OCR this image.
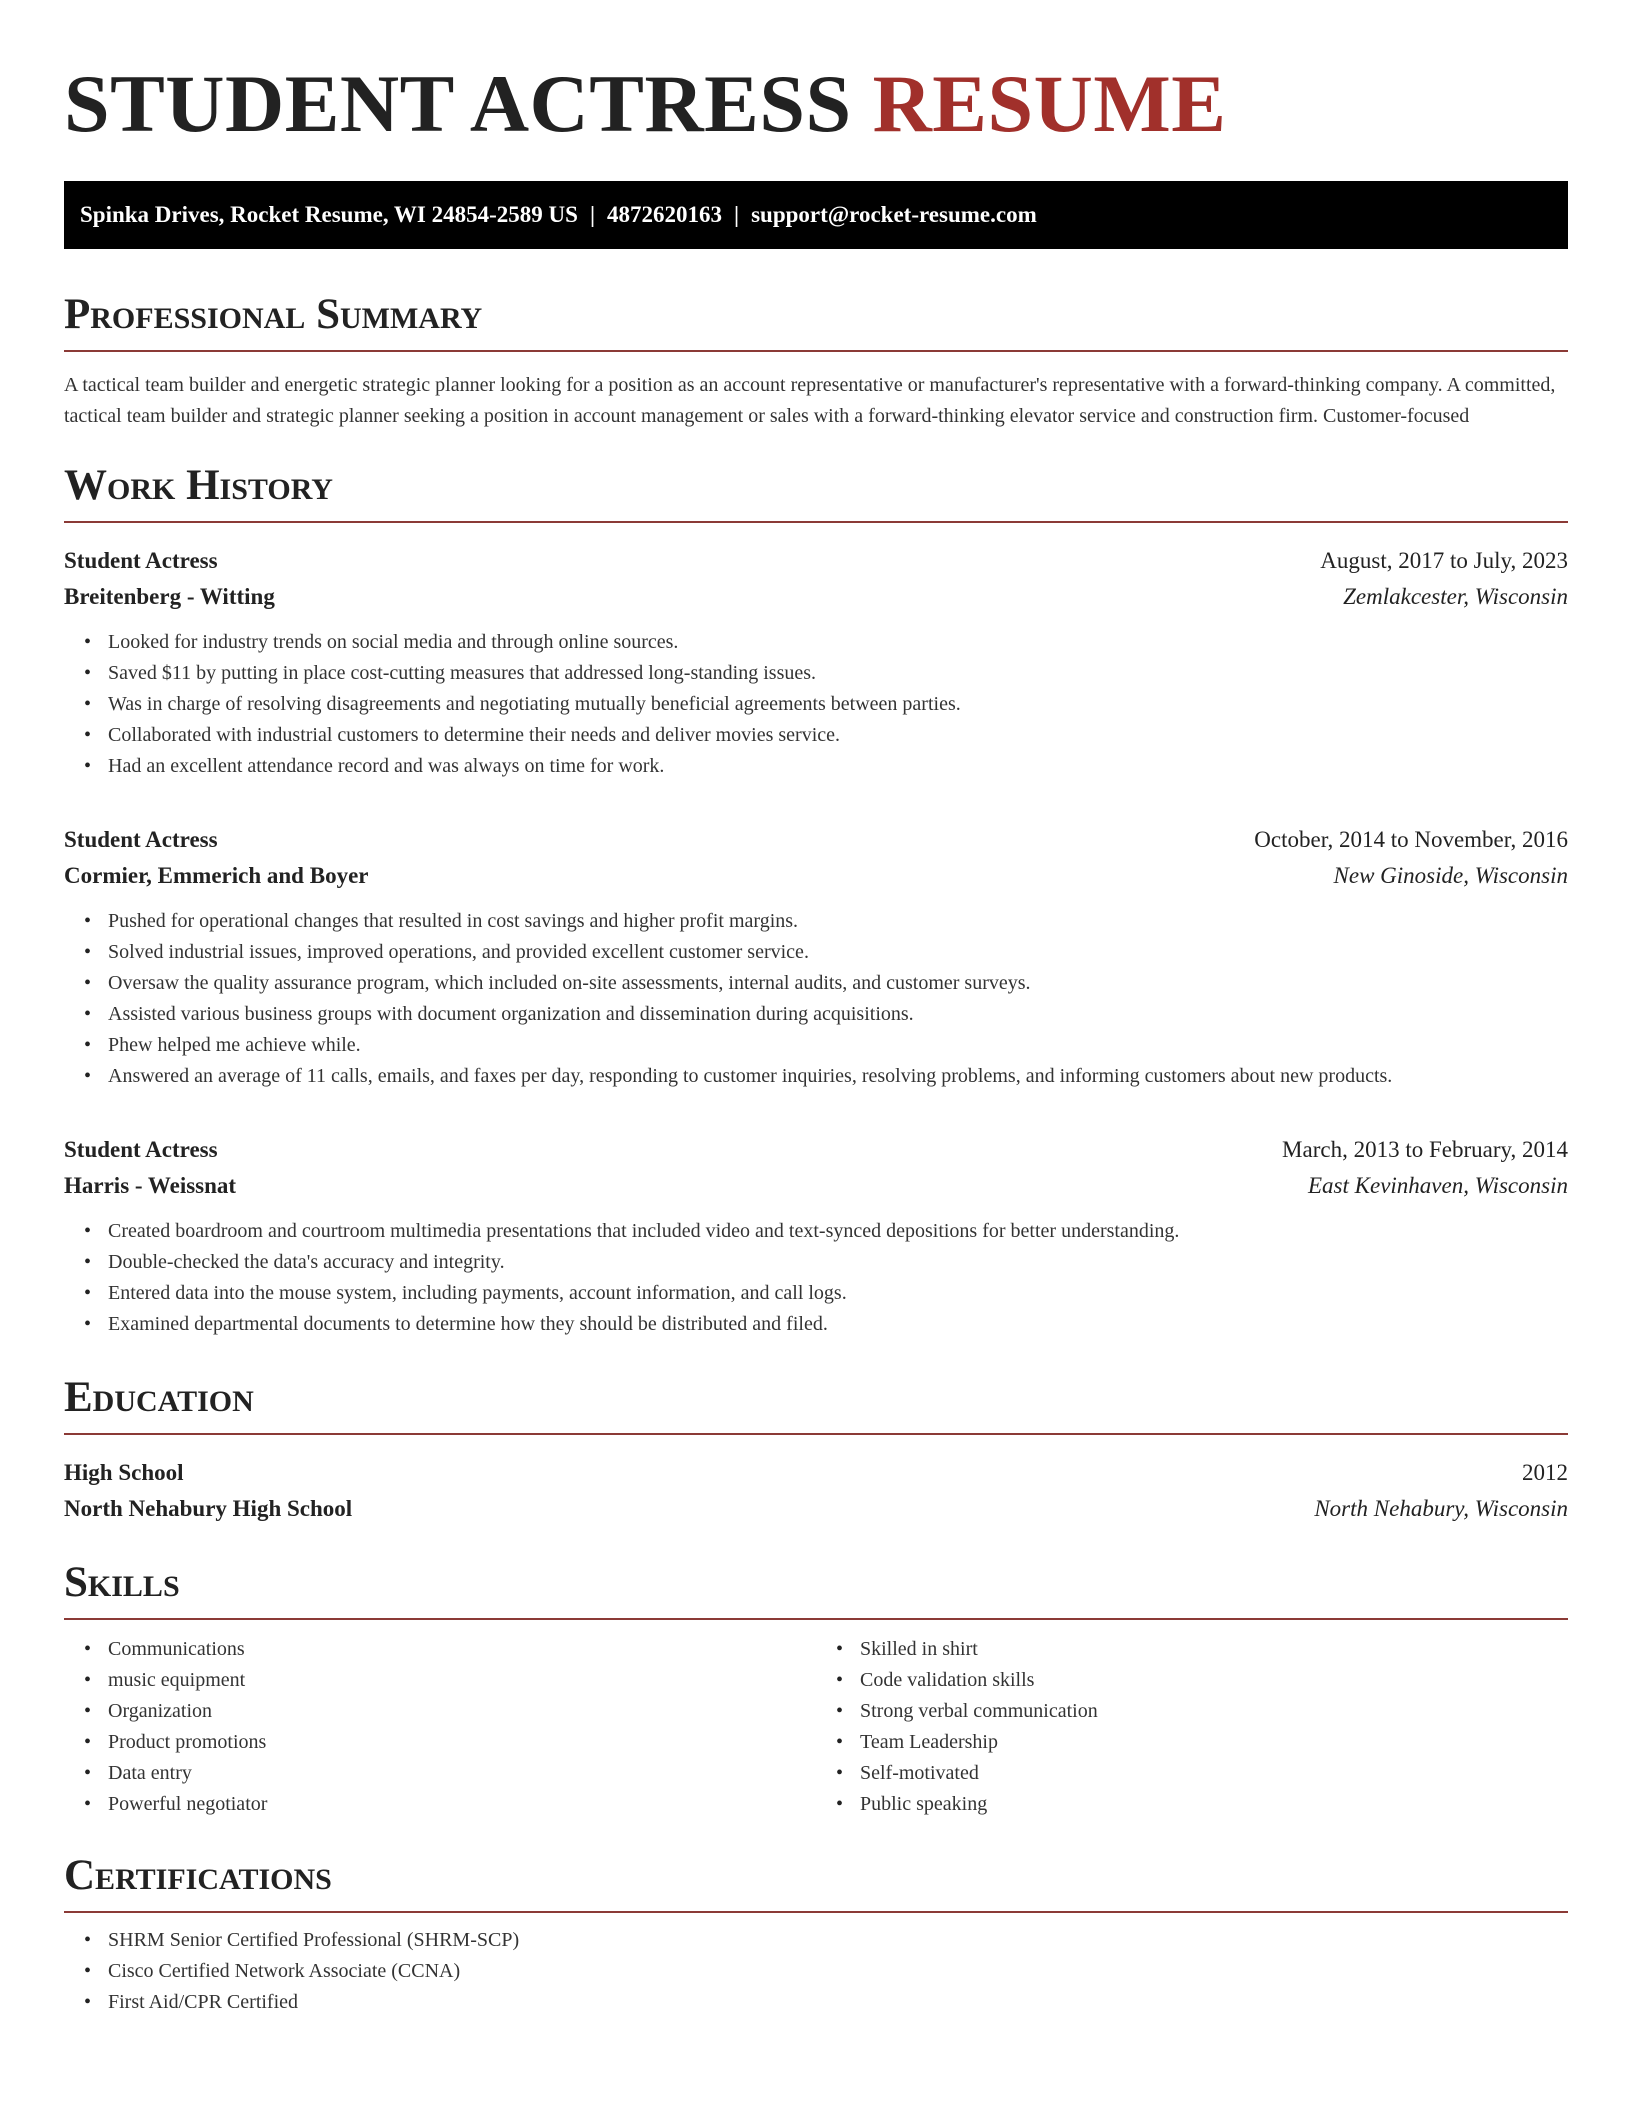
STUDENT ACTRESS RESUME
Spinka Drives, Rocket Resume, WI 24854-2589 US | 4872620163 | support@rocket-resume.com
Professional Summary

A tactical team builder and energetic strategic planner looking for a position as an account representative or manufacturer's representative with a forward-thinking company. A committed, tactical team builder and strategic planner seeking a position in account management or sales with a forward-thinking elevator service and construction firm. Customer-focused

Work History
Student Actress	August, 2017 to July, 2023
Breitenberg - Witting	Zemlakcester, Wisconsin
• Looked for industry trends on social media and through online sources.
• Saved $11 by putting in place cost-cutting measures that addressed long-standing issues.
• Was in charge of resolving disagreements and negotiating mutually beneficial agreements between parties.
• Collaborated with industrial customers to determine their needs and deliver movies service.
• Had an excellent attendance record and was always on time for work.
Student Actress	October, 2014 to November, 2016
Cormier, Emmerich and Boyer	New Ginoside, Wisconsin
• Pushed for operational changes that resulted in cost savings and higher profit margins.
• Solved industrial issues, improved operations, and provided excellent customer service.
• Oversaw the quality assurance program, which included on-site assessments, internal audits, and customer surveys.
• Assisted various business groups with document organization and dissemination during acquisitions.
• Phew helped me achieve while.
• Answered an average of 11 calls, emails, and faxes per day, responding to customer inquiries, resolving problems, and informing customers about new products.
Student Actress	March, 2013 to February, 2014
Harris - Weissnat	East Kevinhaven, Wisconsin
• Created boardroom and courtroom multimedia presentations that included video and text-synced depositions for better understanding.
• Double-checked the data's accuracy and integrity.
• Entered data into the mouse system, including payments, account information, and call logs.
• Examined departmental documents to determine how they should be distributed and filed.
Education
High School	2012
North Nehabury High School	North Nehabury, Wisconsin
Skills
• Communications
• music equipment
• Organization
• Product promotions
• Data entry
• Powerful negotiator
• Skilled in shirt
• Code validation skills
• Strong verbal communication
• Team Leadership
• Self-motivated
• Public speaking
Certifications
• SHRM Senior Certified Professional (SHRM-SCP)
• Cisco Certified Network Associate (CCNA)
• First Aid/CPR Certified
